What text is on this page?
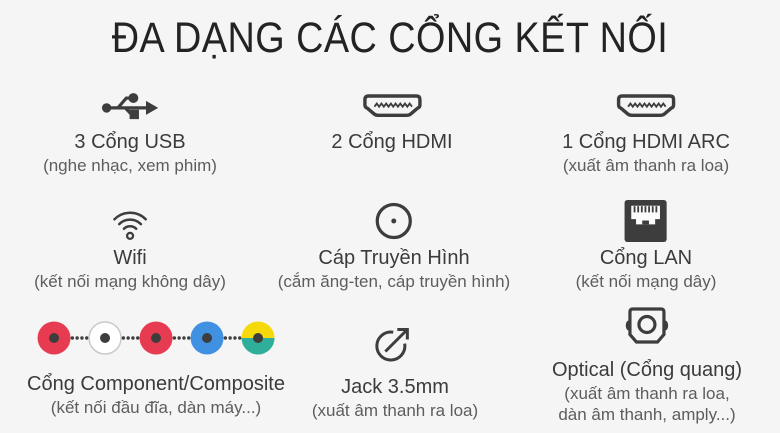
ĐA DẠNG CÁC CỔNG KẾT NỐI
3 Cổng USB
(nghe nhạc, xem phim)
2 Cổng HDMI	1 Cổng HDMI ARC
(xuất âm thanh ra loa)
Wifi
(kết nối mạng không dây)
Cáp Truyền Hình
(cắm ăng-ten, cáp truyền hình)
Cổng LAN
(kết nối mạng dây)
Cổng Component/Composite
(kết nối đầu đĩa, dàn máy...)
Jack 3.5mm
(xuất âm thanh ra loa)
Optical (Cổng quang)
(xuất âm thanh ra loa,
dàn âm thanh, amply...)
